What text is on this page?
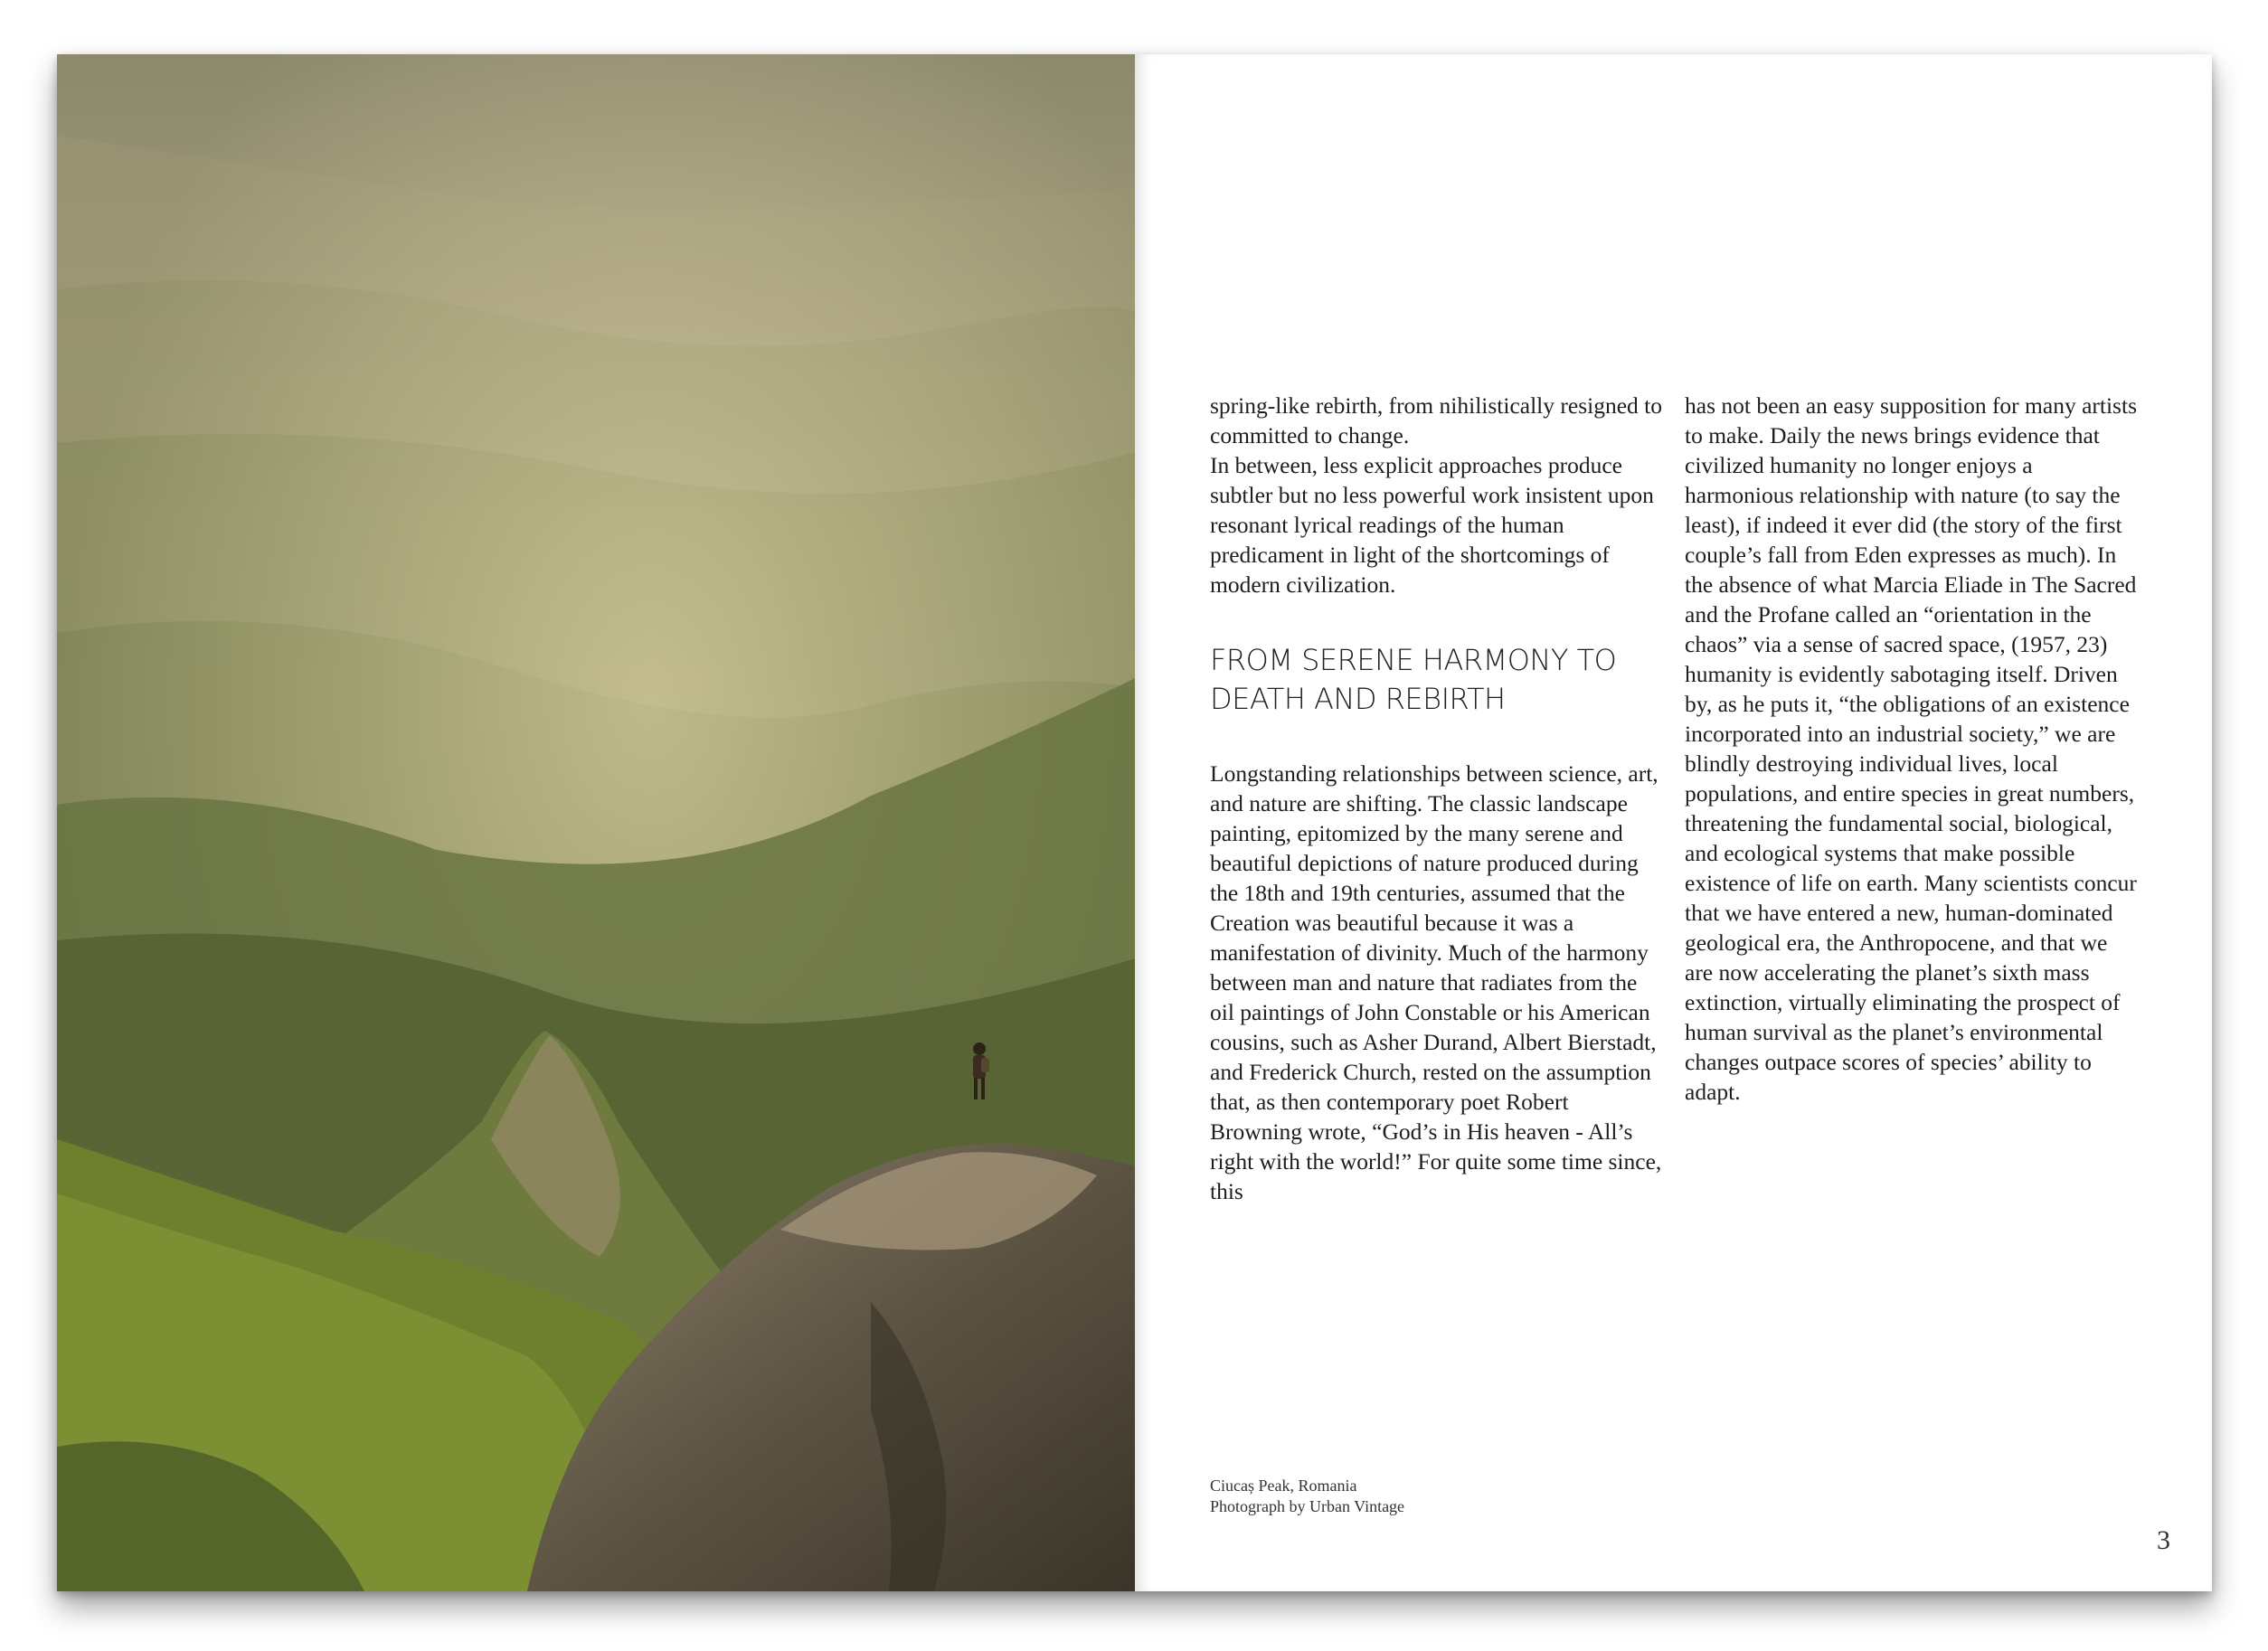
spring-like rebirth, from nihilistically resigned to committed to change.

In between, less explicit approaches produce subtler but no less powerful work insistent upon resonant lyrical readings of the human predicament in light of the shortcomings of modern civilization.

FROM SERENE HARMONY TO DEATH AND REBIRTH

Longstanding relationships between science, art, and nature are shifting. The classic landscape painting, epitomized by the many serene and beautiful depictions of nature produced during the 18th and 19th centuries, assumed that the Creation was beautiful because it was a manifestation of divinity. Much of the harmony between man and nature that radiates from the oil paintings of John Constable or his American cousins, such as Asher Durand, Albert Bierstadt, and Frederick Church, rested on the assumption that, as then contemporary poet Robert Browning wrote, “God’s in His heaven - All’s right with the world!” For quite some time since, this

has not been an easy supposition for many artists to make. Daily the news brings evidence that civilized humanity no longer enjoys a harmonious relationship with nature (to say the least), if indeed it ever did (the story of the first couple’s fall from Eden expresses as much). In the absence of what Marcia Eliade in The Sacred and the Profane called an “orientation in the chaos” via a sense of sacred space, (1957, 23) humanity is evidently sabotaging itself. Driven by, as he puts it, “the obligations of an existence incorporated into an industrial society,” we are blindly destroying individual lives, local populations, and entire species in great numbers, threatening the fundamental social, biological, and ecological systems that make possible existence of life on earth. Many scientists concur that we have entered a new, human-dominated geological era, the Anthropocene, and that we are now accelerating the planet’s sixth mass extinction, virtually eliminating the prospect of human survival as the planet’s environmental changes outpace scores of species’ ability to adapt.

Ciucaș Peak, Romania
Photograph by Urban Vintage
3
